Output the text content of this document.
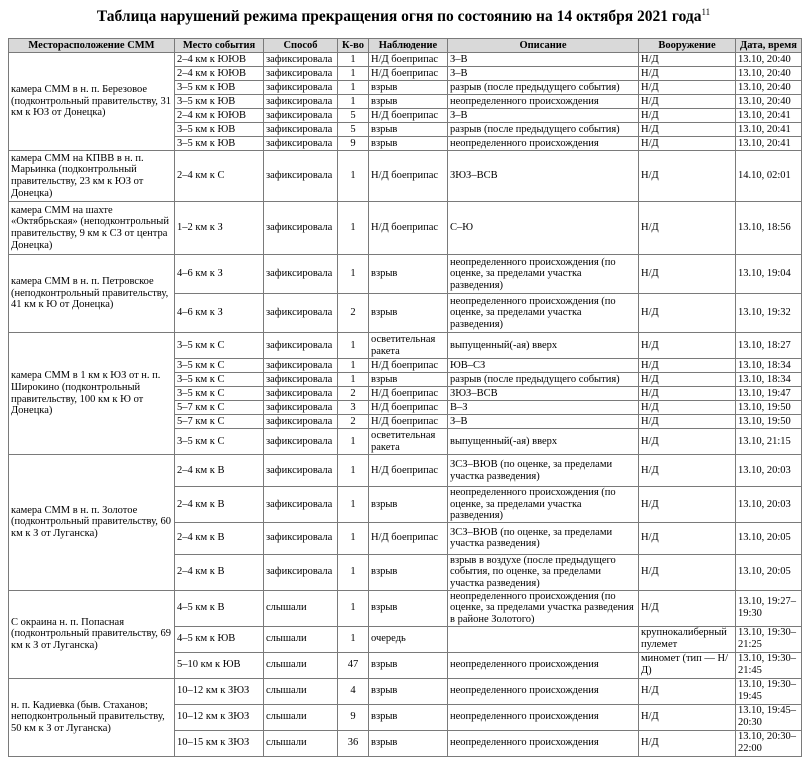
Таблица нарушений режима прекращения огня по состоянию на 14 октября 2021 года$^{11}$
Месторасположение СММ	Место события	Способ	К-во	Наблюдение	Описание	Вооружение	Дата, время
камера СММ в н. п. Березовое (подконтрольный правительству, 31 км к ЮЗ от Донецка)	2–4 км к ЮЮВ	зафиксировала	1	Н/Д боеприпас	З–В	Н/Д	13.10, 20:40
	2–4 км к ЮЮВ	зафиксировала	1	Н/Д боеприпас	З–В	Н/Д	13.10, 20:40
	3–5 км к ЮВ	зафиксировала	1	взрыв	разрыв (после предыдущего события)	Н/Д	13.10, 20:40
	3–5 км к ЮВ	зафиксировала	1	взрыв	неопределенного происхождения	Н/Д	13.10, 20:40
	2–4 км к ЮЮВ	зафиксировала	5	Н/Д боеприпас	З–В	Н/Д	13.10, 20:41
	3–5 км к ЮВ	зафиксировала	5	взрыв	разрыв (после предыдущего события)	Н/Д	13.10, 20:41
	3–5 км к ЮВ	зафиксировала	9	взрыв	неопределенного происхождения	Н/Д	13.10, 20:41
камера СММ на КПВВ в н. п. Марьинка (подконтрольный правительству, 23 км к ЮЗ от Донецка)	2–4 км к С	зафиксировала	1	Н/Д боеприпас	ЗЮЗ–ВСВ	Н/Д	14.10, 02:01
камера СММ на шахте «Октябрьская» (неподконтрольный правительству, 9 км к СЗ от центра Донецка)	1–2 км к З	зафиксировала	1	Н/Д боеприпас	С–Ю	Н/Д	13.10, 18:56
камера СММ в н. п. Петровское (неподконтрольный правительству, 41 км к Ю от Донецка)	4–6 км к З	зафиксировала	1	взрыв	неопределенного происхождения (по оценке, за пределами участка разведения)	Н/Д	13.10, 19:04
	4–6 км к З	зафиксировала	2	взрыв	неопределенного происхождения (по оценке, за пределами участка разведения)	Н/Д	13.10, 19:32
камера СММ в 1 км к ЮЗ от н. п. Широкино (подконтрольный правительству, 100 км к Ю от Донецка)	3–5 км к С	зафиксировала	1	осветительная ракета	выпущенный(-ая) вверх	Н/Д	13.10, 18:27
	3–5 км к С	зафиксировала	1	Н/Д боеприпас	ЮВ–СЗ	Н/Д	13.10, 18:34
	3–5 км к С	зафиксировала	1	взрыв	разрыв (после предыдущего события)	Н/Д	13.10, 18:34
	3–5 км к С	зафиксировала	2	Н/Д боеприпас	ЗЮЗ–ВСВ	Н/Д	13.10, 19:47
	5–7 км к С	зафиксировала	3	Н/Д боеприпас	В–З	Н/Д	13.10, 19:50
	5–7 км к С	зафиксировала	2	Н/Д боеприпас	З–В	Н/Д	13.10, 19:50
	3–5 км к С	зафиксировала	1	осветительная ракета	выпущенный(-ая) вверх	Н/Д	13.10, 21:15
камера СММ в н. п. Золотое (подконтрольный правительству, 60 км к З от Луганска)	2–4 км к В	зафиксировала	1	Н/Д боеприпас	ЗСЗ–ВЮВ (по оценке, за пределами участка разведения)	Н/Д	13.10, 20:03
	2–4 км к В	зафиксировала	1	взрыв	неопределенного происхождения (по оценке, за пределами участка разведения)	Н/Д	13.10, 20:03
	2–4 км к В	зафиксировала	1	Н/Д боеприпас	ЗСЗ–ВЮВ (по оценке, за пределами участка разведения)	Н/Д	13.10, 20:05
	2–4 км к В	зафиксировала	1	взрыв	взрыв в воздухе (после предыдущего события, по оценке, за пределами участка разведения)	Н/Д	13.10, 20:05
С окраина н. п. Попасная (подконтрольный правительству, 69 км к З от Луганска)	4–5 км к В	слышали	1	взрыв	неопределенного происхождения (по оценке, за пределами участка разведения в районе Золотого)	Н/Д	13.10, 19:27–19:30
	4–5 км к ЮВ	слышали	1	очередь		крупнокалиберный пулемет	13.10, 19:30–21:25
	5–10 км к ЮВ	слышали	47	взрыв	неопределенного происхождения	миномет (тип — Н/Д)	13.10, 19:30–21:45
н. п. Кадиевка (быв. Стаханов; неподконтрольный правительству, 50 км к З от Луганска)	10–12 км к ЗЮЗ	слышали	4	взрыв	неопределенного происхождения	Н/Д	13.10, 19:30–19:45
	10–12 км к ЗЮЗ	слышали	9	взрыв	неопределенного происхождения	Н/Д	13.10, 19:45–20:30
	10–15 км к ЗЮЗ	слышали	36	взрыв	неопределенного происхождения	Н/Д	13.10, 20:30–22:00
